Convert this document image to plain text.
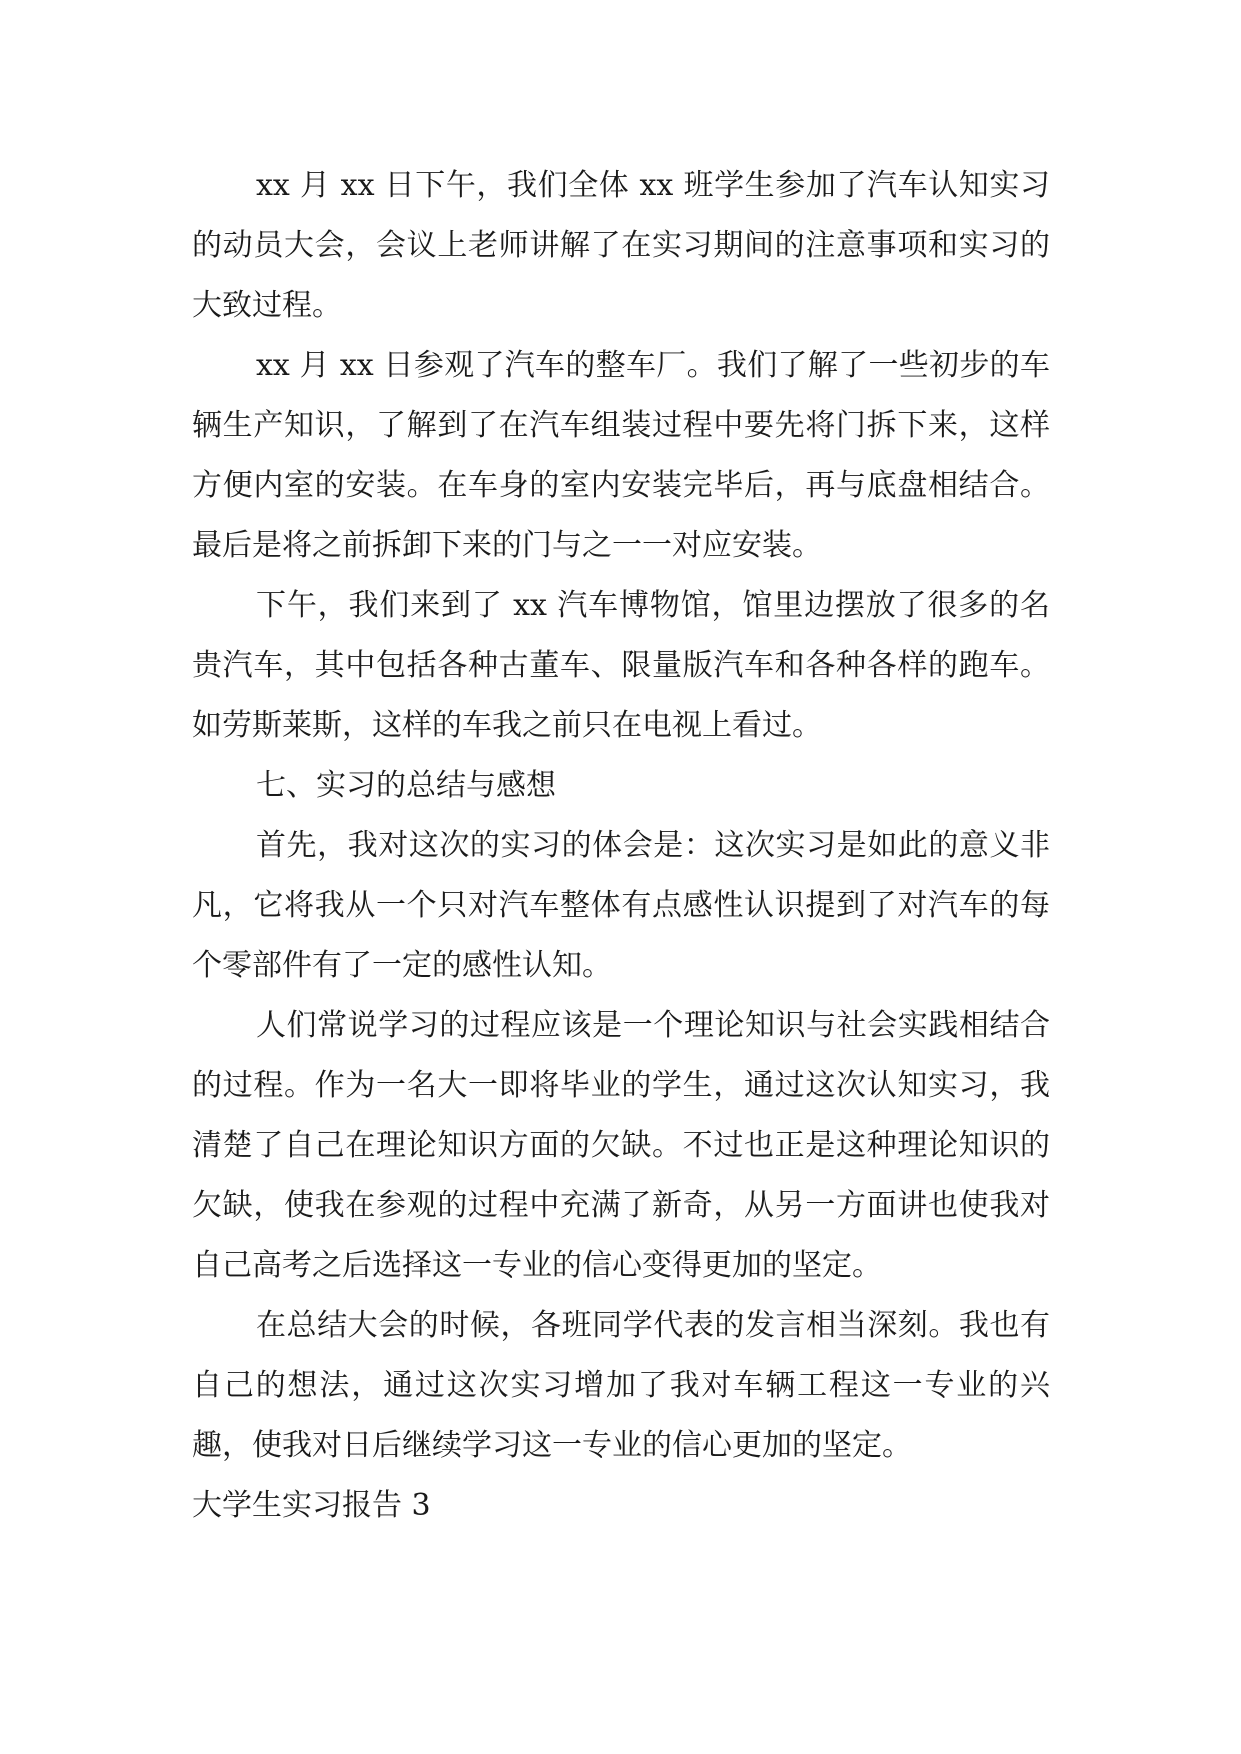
xx 月 xx 日下午，我们全体 xx 班学生参加了汽车认知实习的动员大会，会议上老师讲解了在实习期间的注意事项和实习的大致过程。

xx 月 xx 日参观了汽车的整车厂。我们了解了一些初步的车辆生产知识，了解到了在汽车组装过程中要先将门拆下来，这样方便内室的安装。在车身的室内安装完毕后，再与底盘相结合。最后是将之前拆卸下来的门与之一一对应安装。

下午，我们来到了 xx 汽车博物馆，馆里边摆放了很多的名贵汽车，其中包括各种古董车、限量版汽车和各种各样的跑车。如劳斯莱斯，这样的车我之前只在电视上看过。

七、实习的总结与感想

首先，我对这次的实习的体会是：这次实习是如此的意义非凡，它将我从一个只对汽车整体有点感性认识提到了对汽车的每个零部件有了一定的感性认知。

人们常说学习的过程应该是一个理论知识与社会实践相结合的过程。作为一名大一即将毕业的学生，通过这次认知实习，我清楚了自己在理论知识方面的欠缺。不过也正是这种理论知识的欠缺，使我在参观的过程中充满了新奇，从另一方面讲也使我对自己高考之后选择这一专业的信心变得更加的坚定。

在总结大会的时候，各班同学代表的发言相当深刻。我也有自己的想法，通过这次实习增加了我对车辆工程这一专业的兴趣，使我对日后继续学习这一专业的信心更加的坚定。

大学生实习报告 3
